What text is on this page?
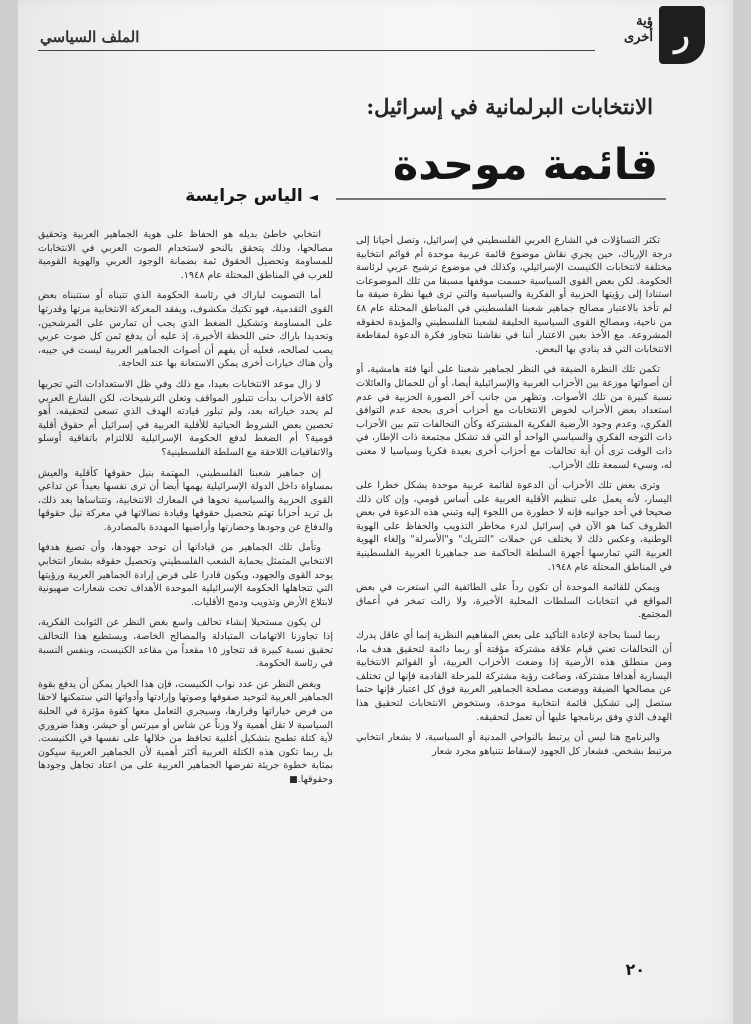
الملف السياسي
ؤية
أخرى ر
الانتخابات البرلمانية في إسرائيل:
قائمة موحدة
◄الياس جرايسة

تكثر التساؤلات في الشارع العربي الفلسطيني في إسرائيل، وتصل أحيانا إلى درجة الإرباك، حين يجري نقاش موضوع قائمة عربية موحدة أم قوائم انتخابية مختلفة لانتخابات الكنيست الإسرائيلي، وكذلك في موضوع ترشيح عربي لرئاسة الحكومة. لكن بعض القوى السياسية حسمت موقفها مسبقا من تلك الموضوعات استنادا إلى رؤيتها الحزبية أو الفكرية والسياسية والتي ترى فيها نظرة ضيقة ما لم تأخذ بالاعتبار مصالح جماهير شعبنا الفلسطيني في المناطق المحتلة عام ٤٨ من ناحية، ومصالح القوى السياسية الحليفة لشعبنا الفلسطيني والمؤيدة لحقوقه المشروعة. مع الأخذ بعين الاعتبار أننا في نقاشنا نتجاوز فكرة الدعوة لمقاطعة الانتخابات التي قد ينادي بها البعض.

تكمن تلك النظرة الضيقة في النظر لجماهير شعبنا على أنها فئة هامشية، أو أن أصواتها موزعة بين الأحزاب العربية والإسرائيلية أيضا، أو أن للحمائل والعائلات نسبة كبيرة من تلك الأصوات. وتظهر من جانب آخر الصورة الحزبية في عدم استعداد بعض الأحزاب لخوض الانتخابات مع أحزاب أخرى بحجة عدم التوافق الفكري، وعدم وجود الأرضية الفكرية المشتركة وكأن التحالفات تتم بين الأحزاب ذات التوجه الفكري والسياسي الواحد أو التي قد تشكل مجتمعة ذات الإطار، في ذات الوقت ترى أن أية تحالفات مع أحزاب أخرى بعيدة فكريا وسياسيا لا معنى له، وسيء لسمعة تلك الأحزاب.

وترى بعض تلك الأحزاب أن الدعوة لقائمة عربية موحدة يشكل خطرا على اليسار، لأنه يعمل على تنظيم الأقلية العربية على أساس قومي، وإن كان ذلك صحيحا في أحد جوانبه فإنه لا خطورة من اللجوء إليه وتبني هذه الدعوة في بعض الظروف كما هو الآن في إسرائيل لدرء مخاطر التذويب والحفاظ على الهوية الوطنية، وعكس ذلك لا يختلف عن حملات "التتريك" و"الأسرلة" وإلغاء الهوية العربية التي تمارسها أجهزة السلطة الحاكمة ضد جماهيرنا العربية الفلسطينية في المناطق المحتلة عام ١٩٤٨.

ويمكن للقائمة الموحدة أن تكون رداً على الطائفية التي استعرت في بعض المواقع في انتخابات السلطات المحلية الأخيرة، ولا زالت تمخر في أعماق المجتمع.

ربما لسنا بحاجة لإعادة التأكيد على بعض المفاهيم النظرية إنما أي عاقل يدرك أن التحالفات تعني قيام علاقة مشتركة مؤقتة أو ربما دائمة لتحقيق هدف ما، ومن منطلق هذه الأرضية إذا وضعت الأحزاب العربية، أو القوائم الانتخابية اليسارية أهدافا مشتركة، وصاغت رؤية مشتركة للمرحلة القادمة فإنها لن تختلف عن مصالحها الضيقة ووضعت مصلحة الجماهير العربية فوق كل اعتبار فإنها حتما ستصل إلى تشكيل قائمة انتخابية موحدة، وستخوض الانتخابات لتحقيق هذا الهدف الذي وفق برنامجها عليها أن تعمل لتحقيقه.

والبرنامج هنا ليس أن يرتبط بالنواحي المدنية أو السياسية، لا بشعار انتخابي مرتبط بشخص. فشعار كل الجهود لإسقاط نتنياهو مجرد شعار

انتخابي خاطئ بديله هو الحفاظ على هوية الجماهير العربية وتحقيق مصالحها، وذلك يتحقق بالنحو لاستخدام الصوت العربي في الانتخابات للمساومة وتحصيل الحقوق ثمة بضمانة الوجود العربي والهوية القومية للعرب في المناطق المحتلة عام ١٩٤٨.

أما التصويت لباراك في رئاسة الحكومة الذي تتبناه أو ستتبناه بعض القوى التقدمية، فهو تكتيك مكشوف، ويفقد المعركة الانتخابية مرتها وقدرتها على المساومة وتشكيل الضغط الذي يجب أن تمارس على المرشحين، وتحديدا باراك حتى اللحظة الأخيرة، إذ عليه أن يدفع ثمن كل صوت عربي يصب لصالحه، فعليه أن يفهم أن أصوات الجماهير العربية ليست في جيبه، وأن هناك خيارات أخرى يمكن الاستعانة بها عند الحاجة.

لا زال موعد الانتخابات بعيدا، مع ذلك وفي ظل الاستعدادات التي تجريها كافة الأحزاب بدأت تتبلور المواقف وتعلن الترشيحات، لكن الشارع العربي لم يحدد خياراته بعد، ولم تبلور قيادته الهدف الذي تسعى لتحقيقه. أهو تحصين بعض الشروط الحياتية للأقلية العربية في إسرائيل أم حقوق أقلية قومية؟ أم الضغط لدفع الحكومة الإسرائيلية للالتزام باتفاقية أوسلو والاتفاقيات اللاحقة مع السلطة الفلسطينية؟

إن جماهير شعبنا الفلسطيني، المهتمة بنيل حقوقها كأقلية والعيش بمساواة داخل الدولة الإسرائيلية يهمها أيضا أن ترى نفسها بعيداً عن تداعي القوى الحزبية والسياسية نحوها في المعارك الانتخابية، وتتناساها بعد ذلك، بل تريد أحزابا تهتم بتحصيل حقوقها وقيادة نضالاتها في معركة نيل حقوقها والدفاع عن وجودها وحضارتها وأراضيها المهددة بالمصادرة.

وتأمل تلك الجماهير من قياداتها أن توحد جهودها، وأن تصيغ هدفها الانتخابي المتمثل بحماية الشعب الفلسطيني وتحصيل حقوقه بشعار انتخابي يوحد القوى والجهود، ويكون قادرا على فرض إرادة الجماهير العربية ورؤيتها التي تتجاهلها الحكومة الإسرائيلية الموحدة الأهداف تحت شعارات صهيونية لابتلاع الأرض وتذويب ودمج الأقليات.

لن يكون مستحيلا إنشاء تحالف واسع بغض النظر عن الثوابت الفكرية، إذا تجاوزنا الاتهامات المتبادلة والمصالح الخاصة، ويستطيع هذا التحالف تحقيق نسبة كبيرة قد تتجاوز ١٥ مقعداً من مقاعد الكنيست، وبنفس النسبة في رئاسة الحكومة.

وبغض النظر عن عدد نواب الكنيست، فإن هذا الخيار يمكن أن يدفع بقوة الجماهير العربية لتوحيد صفوفها وصوتها وإرادتها وأدواتها التي ستمكنها لاحقا من فرض خياراتها وقرارها، وسيجري التعامل معها كقوة مؤثرة في الحلبة السياسية لا تقل أهمية ولا وزناً عن شاس أو ميرتس أو حيشر، وهذا ضروري لأية كتلة تطمح بتشكيل أغلبية تحافظ من خلالها على نفسها في الكنيست. بل ربما تكون هذه الكتلة العربية أكثر أهمية لأن الجماهير العربية سيكون بمثابة خطوة جريئة تفرضها الجماهير العربية على من اعتاد تجاهل وجودها وحقوقها.■

٢٠
